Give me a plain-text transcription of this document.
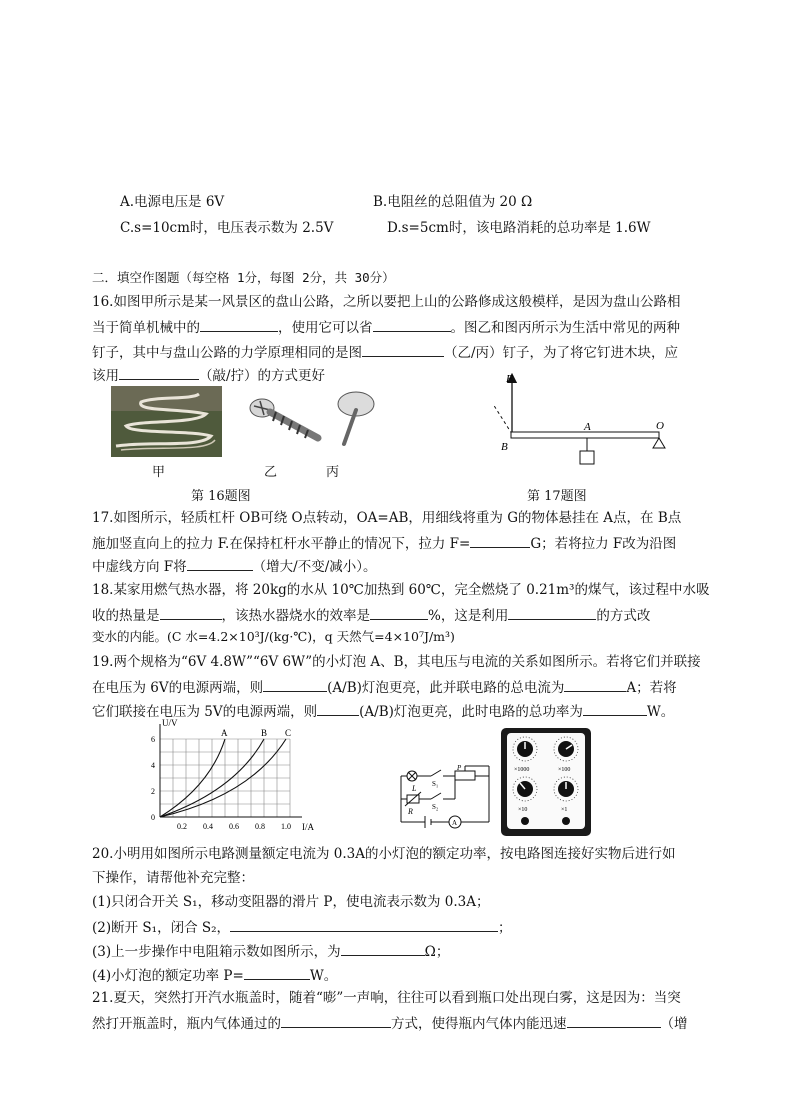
A.电源电压是 6V	B.电阻丝的总阻值为 20 Ω
C.s=10cm时，电压表示数为 2.5V	D.s=5cm时，该电路消耗的总功率是 1.6W
二．填空作图题（每空格 1分，每图 2分，共 30分）
16.如图甲所示是某一风景区的盘山公路，之所以要把上山的公路修成这般模样，是因为盘山公路相
当于简单机械中的	，使用它可以省	。图乙和图丙所示为生活中常见的两种
钉子，其中与盘山公路的力学原理相同的是图	（乙/丙）钉子，为了将它钉进木块，应
该用	（敲/拧）的方式更好
甲	乙	丙
第 16题图
F
A	O
B
第 17题图
17.如图所示，轻质杠杆 OB可绕 O点转动，OA=AB，用细线将重为 G的物体悬挂在 A点，在 B点
施加竖直向上的拉力 F.在保持杠杆水平静止的情况下，拉力 F=	G；若将拉力 F改为沿图
中虚线方向 F将	（增大/不变/减小）。
18.某家用燃气热水器，将 20kg的水从 10℃加热到 60℃，完全燃烧了 0.21m³的煤气，该过程中水吸
收的热量是	，该热水器烧水的效率是	%，这是利用	的方式改
变水的内能。(C 水=4.2×10³J/(kg·℃)，q 天然气=4×10⁷J/m³)
19.两个规格为“6V 4.8W”“6V 6W”的小灯泡 A、B，其电压与电流的关系如图所示。若将它们并联接
在电压为 6V的电源两端，则	(A/B)灯泡更亮，此并联电路的总电流为	A；若将
它们联接在电压为 5V的电源两端，则	(A/B)灯泡更亮，此时电路的总功率为	W。
U/V
I/A
A	B C
0
2
4
6
0.2 0.4 0.6 0.8 1.0
L
R
S₁
S₂
P
A
×1000	×100
×10	×1
20.小明用如图所示电路测量额定电流为 0.3A的小灯泡的额定功率，按电路图连接好实物后进行如
下操作，请帮他补充完整：
(1)只闭合开关 S₁，移动变阻器的滑片 P，使电流表示数为 0.3A；
(2)断开 S₁，闭合 S₂，	；
(3)上一步操作中电阻箱示数如图所示，为	Ω；
(4)小灯泡的额定功率 P=	W。
21.夏天，突然打开汽水瓶盖时，随着“嘭”一声响，往往可以看到瓶口处出现白雾，这是因为：当突
然打开瓶盖时，瓶内气体通过的	方式，使得瓶内气体内能迅速	（增
